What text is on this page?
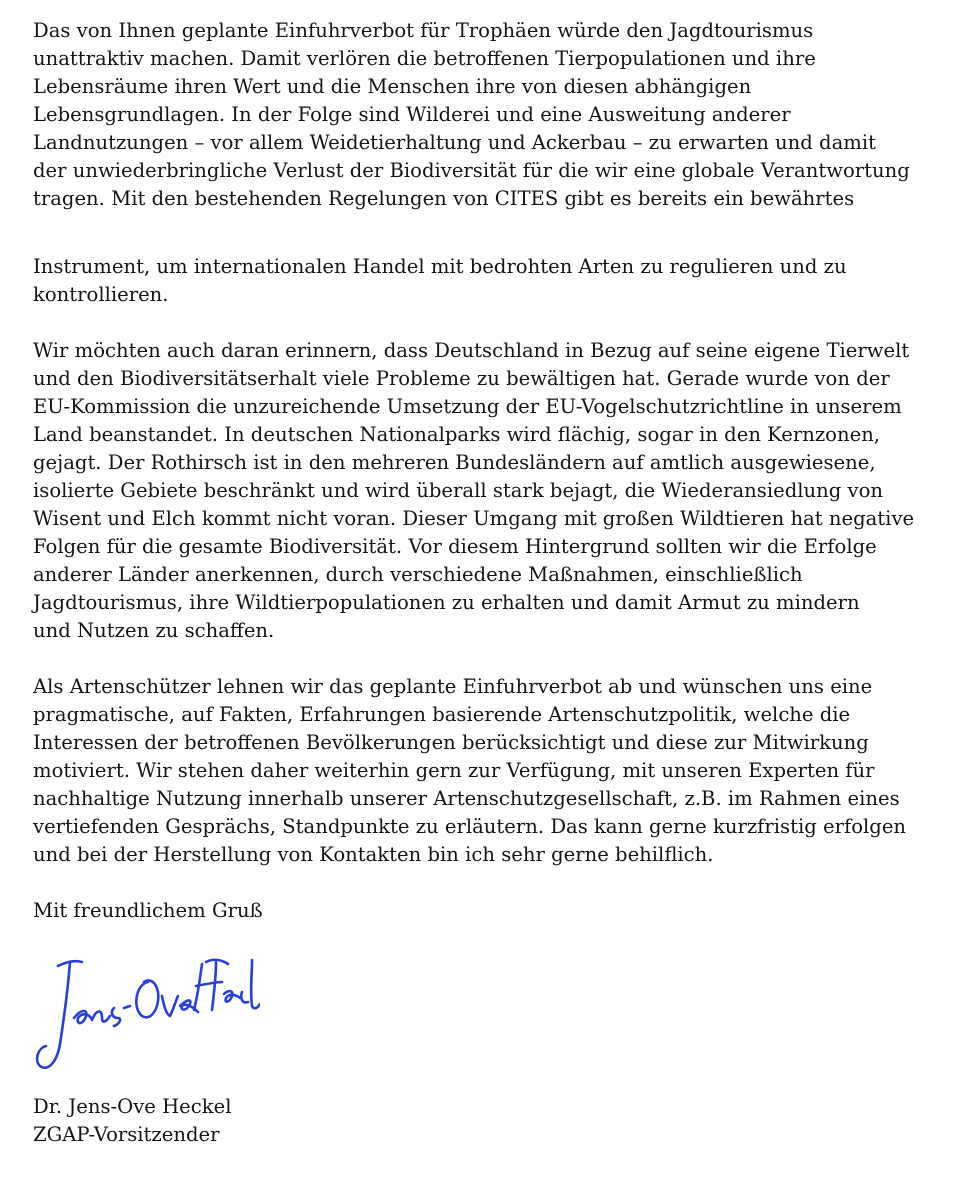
Das von Ihnen geplante Einfuhrverbot für Trophäen würde den Jagdtourismus
unattraktiv machen. Damit verlören die betroffenen Tierpopulationen und ihre
Lebensräume ihren Wert und die Menschen ihre von diesen abhängigen
Lebensgrundlagen. In der Folge sind Wilderei und eine Ausweitung anderer
Landnutzungen – vor allem Weidetierhaltung und Ackerbau – zu erwarten und damit
der unwiederbringliche Verlust der Biodiversität für die wir eine globale Verantwortung
tragen. Mit den bestehenden Regelungen von CITES gibt es bereits ein bewährtes

Instrument, um internationalen Handel mit bedrohten Arten zu regulieren und zu
kontrollieren.

Wir möchten auch daran erinnern, dass Deutschland in Bezug auf seine eigene Tierwelt
und den Biodiversitätserhalt viele Probleme zu bewältigen hat. Gerade wurde von der
EU-Kommission die unzureichende Umsetzung der EU-Vogelschutzrichtline in unserem
Land beanstandet. In deutschen Nationalparks wird flächig, sogar in den Kernzonen,
gejagt. Der Rothirsch ist in den mehreren Bundesländern auf amtlich ausgewiesene,
isolierte Gebiete beschränkt und wird überall stark bejagt, die Wiederansiedlung von
Wisent und Elch kommt nicht voran. Dieser Umgang mit großen Wildtieren hat negative
Folgen für die gesamte Biodiversität. Vor diesem Hintergrund sollten wir die Erfolge
anderer Länder anerkennen, durch verschiedene Maßnahmen, einschließlich
Jagdtourismus, ihre Wildtierpopulationen zu erhalten und damit Armut zu mindern
und Nutzen zu schaffen.

Als Artenschützer lehnen wir das geplante Einfuhrverbot ab und wünschen uns eine
pragmatische, auf Fakten, Erfahrungen basierende Artenschutzpolitik, welche die
Interessen der betroffenen Bevölkerungen berücksichtigt und diese zur Mitwirkung
motiviert. Wir stehen daher weiterhin gern zur Verfügung, mit unseren Experten für
nachhaltige Nutzung innerhalb unserer Artenschutzgesellschaft, z.B. im Rahmen eines
vertiefenden Gesprächs, Standpunkte zu erläutern. Das kann gerne kurzfristig erfolgen
und bei der Herstellung von Kontakten bin ich sehr gerne behilflich.

Mit freundlichem Gruß

Dr. Jens-Ove Heckel

ZGAP-Vorsitzender
